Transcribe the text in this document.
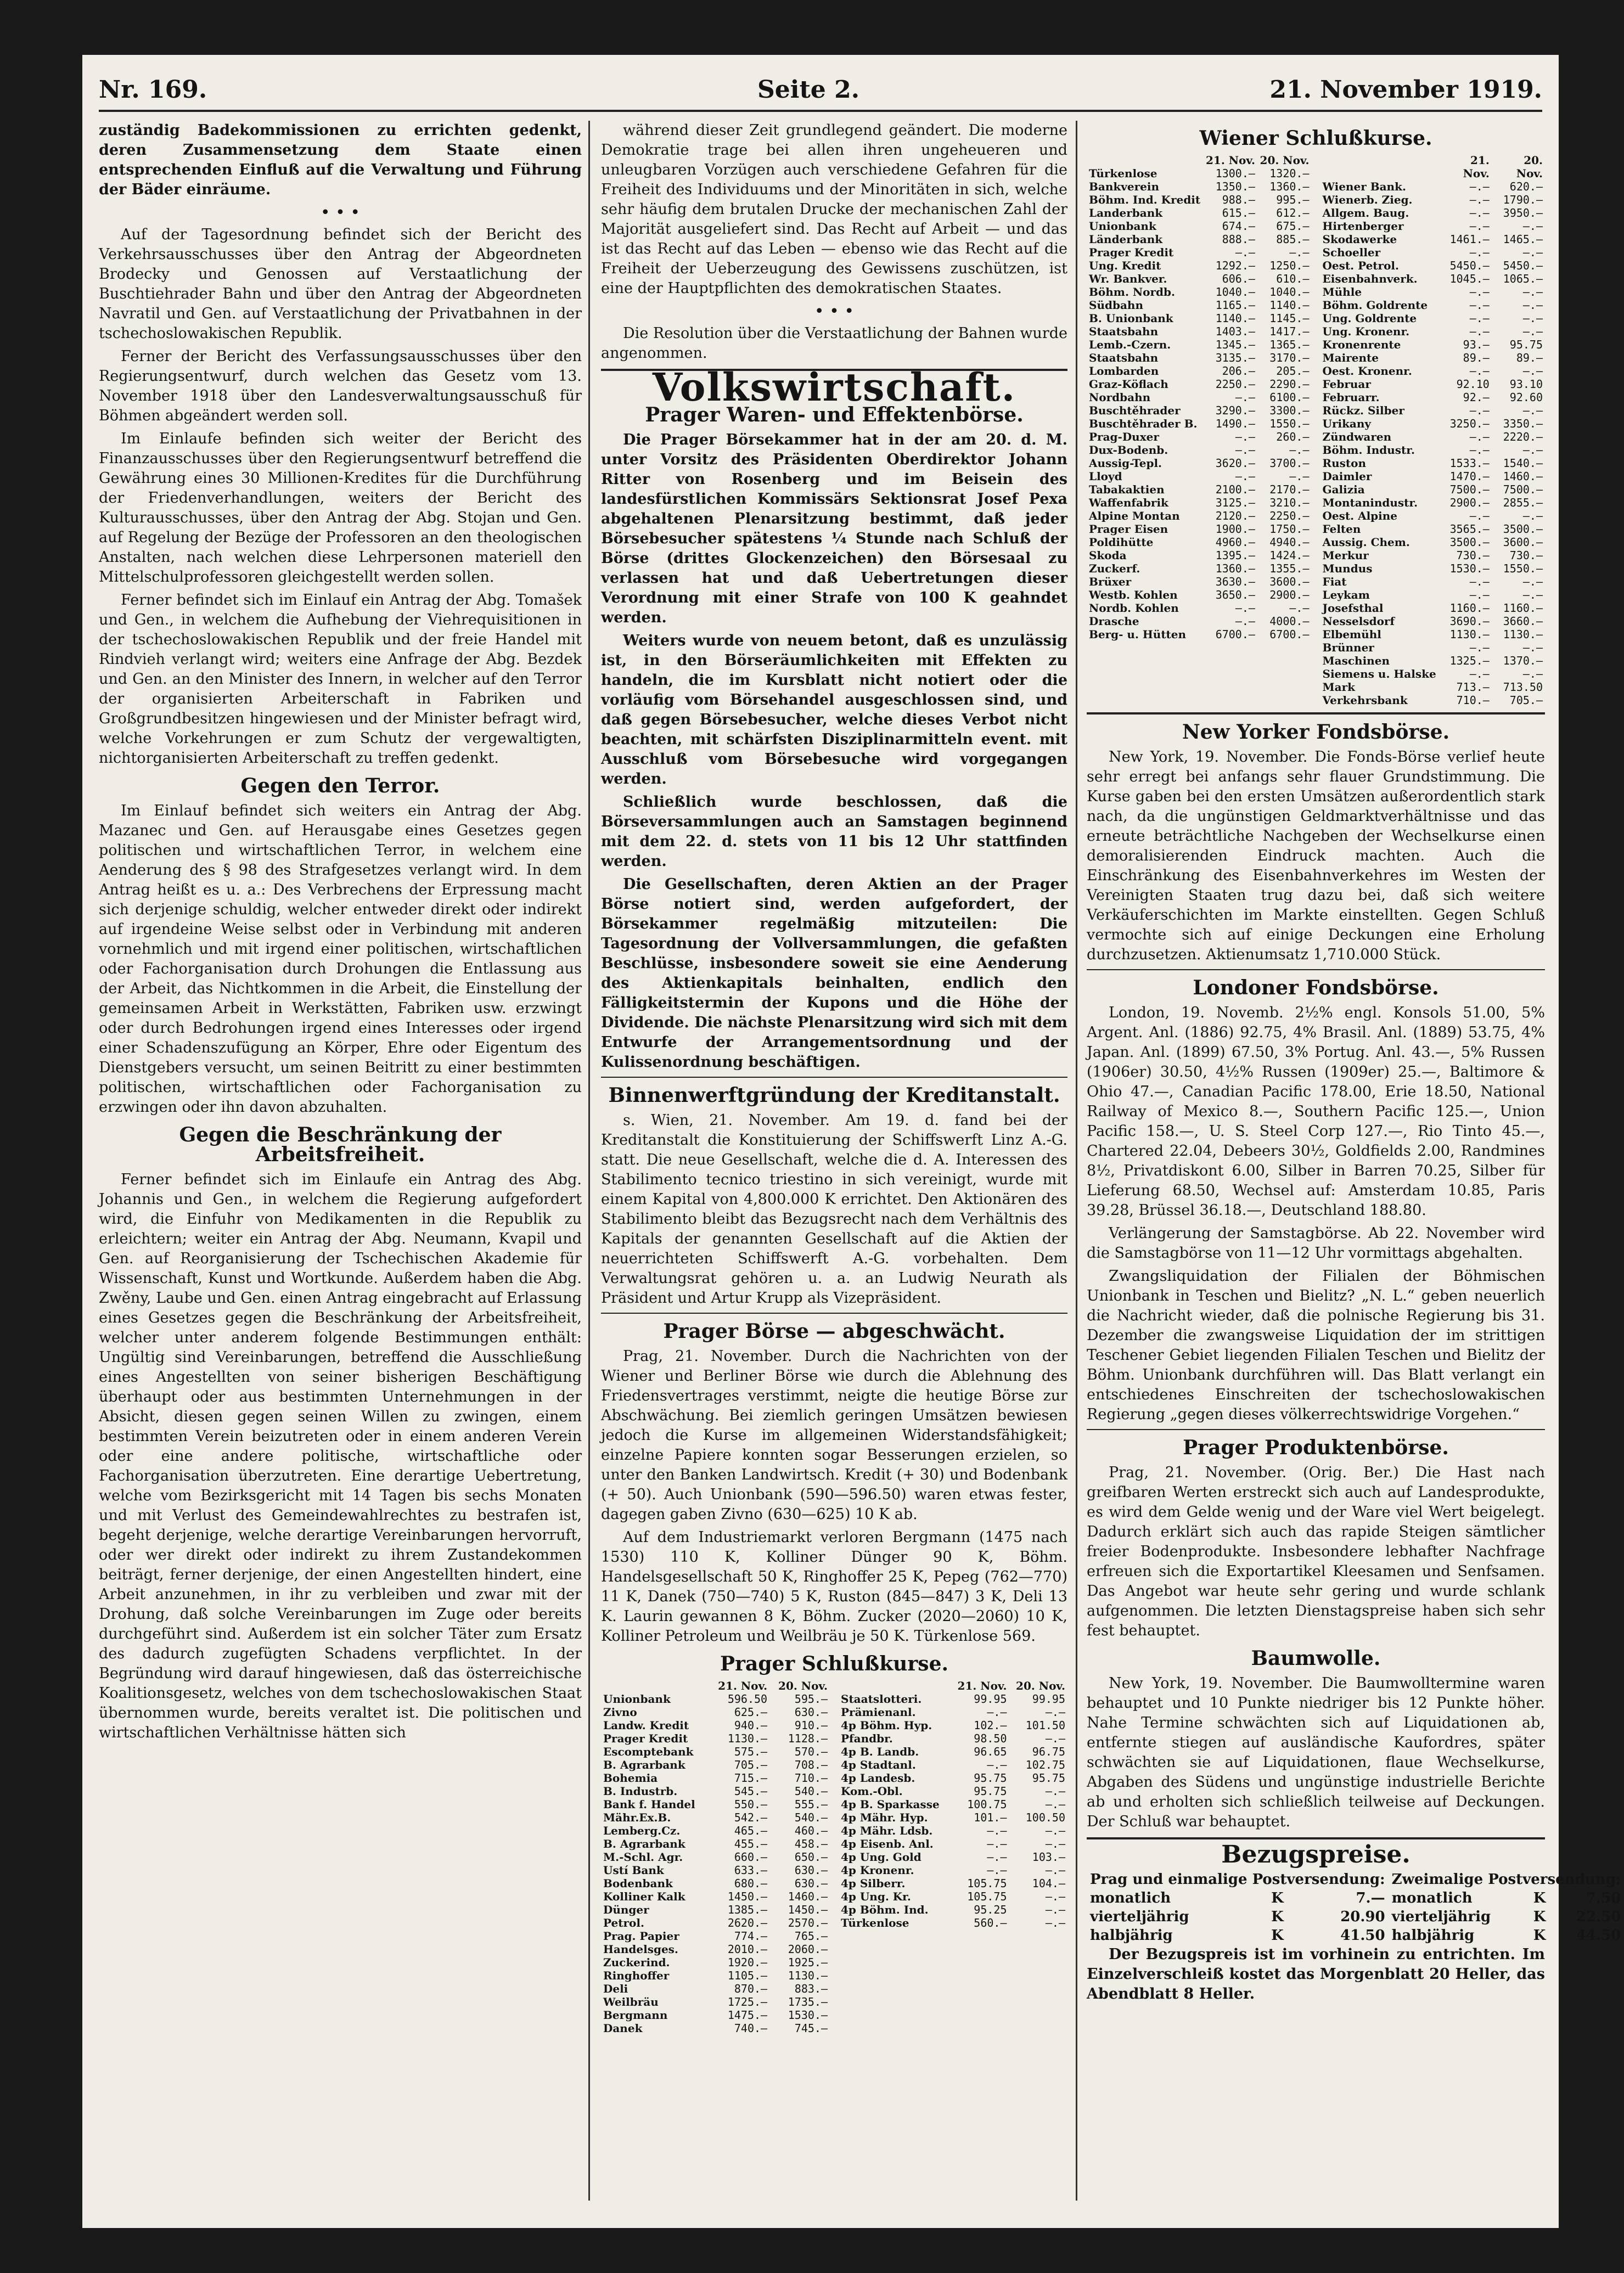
Nr. 169.	Seite 2.	21. November 1919.

zuständig Badekommissionen zu errichten gedenkt, deren Zusammensetzung dem Staate einen entsprechenden Einfluß auf die Verwaltung und Führung der Bäder einräume.

• • •

Auf der Tagesordnung befindet sich der Bericht des Verkehrsausschusses über den Antrag der Abgeordneten Brodecky und Genossen auf Verstaatlichung der Buschtiehrader Bahn und über den Antrag der Abgeordneten Navratil und Gen. auf Verstaatlichung der Privatbahnen in der tschechoslowakischen Republik.

Ferner der Bericht des Verfassungsausschusses über den Regierungsentwurf, durch welchen das Gesetz vom 13. November 1918 über den Landesverwaltungsausschuß für Böhmen abgeändert werden soll.

Im Einlaufe befinden sich weiter der Bericht des Finanzausschusses über den Regierungsentwurf betreffend die Gewährung eines 30 Millionen-Kredites für die Durchführung der Friedenverhandlungen, weiters der Bericht des Kulturausschusses, über den Antrag der Abg. Stojan und Gen. auf Regelung der Bezüge der Professoren an den theologischen Anstalten, nach welchen diese Lehrpersonen materiell den Mittelschulprofessoren gleichgestellt werden sollen.

Ferner befindet sich im Einlauf ein Antrag der Abg. Tomašek und Gen., in welchem die Aufhebung der Viehrequisitionen in der tschechoslowakischen Republik und der freie Handel mit Rindvieh verlangt wird; weiters eine Anfrage der Abg. Bezdek und Gen. an den Minister des Innern, in welcher auf den Terror der organisierten Arbeiterschaft in Fabriken und Großgrundbesitzen hingewiesen und der Minister befragt wird, welche Vorkehrungen er zum Schutz der vergewaltigten, nichtorganisierten Arbeiterschaft zu treffen gedenkt.

Gegen den Terror.

Im Einlauf befindet sich weiters ein Antrag der Abg. Mazanec und Gen. auf Herausgabe eines Gesetzes gegen politischen und wirtschaftlichen Terror, in welchem eine Aenderung des § 98 des Strafgesetzes verlangt wird. In dem Antrag heißt es u. a.: Des Verbrechens der Erpressung macht sich derjenige schuldig, welcher entweder direkt oder indirekt auf irgendeine Weise selbst oder in Verbindung mit anderen vornehmlich und mit irgend einer politischen, wirtschaftlichen oder Fachorganisation durch Drohungen die Entlassung aus der Arbeit, das Nichtkommen in die Arbeit, die Einstellung der gemeinsamen Arbeit in Werkstätten, Fabriken usw. erzwingt oder durch Bedrohungen irgend eines Interesses oder irgend einer Schadenszufügung an Körper, Ehre oder Eigentum des Dienstgebers versucht, um seinen Beitritt zu einer bestimmten politischen, wirtschaftlichen oder Fachorganisation zu erzwingen oder ihn davon abzuhalten.

Gegen die Beschränkung der Arbeitsfreiheit.

Ferner befindet sich im Einlaufe ein Antrag des Abg. Johannis und Gen., in welchem die Regierung aufgefordert wird, die Einfuhr von Medikamenten in die Republik zu erleichtern; weiter ein Antrag der Abg. Neumann, Kvapil und Gen. auf Reorganisierung der Tschechischen Akademie für Wissenschaft, Kunst und Wortkunde. Außerdem haben die Abg. Zwěny, Laube und Gen. einen Antrag eingebracht auf Erlassung eines Gesetzes gegen die Beschränkung der Arbeitsfreiheit, welcher unter anderem folgende Bestimmungen enthält: Ungültig sind Vereinbarungen, betreffend die Ausschließung eines Angestellten von seiner bisherigen Beschäftigung überhaupt oder aus bestimmten Unternehmungen in der Absicht, diesen gegen seinen Willen zu zwingen, einem bestimmten Verein beizutreten oder in einem anderen Verein oder eine andere politische, wirtschaftliche oder Fachorganisation überzutreten. Eine derartige Uebertretung, welche vom Bezirksgericht mit 14 Tagen bis sechs Monaten und mit Verlust des Gemeindewahlrechtes zu bestrafen ist, begeht derjenige, welche derartige Vereinbarungen hervorruft, oder wer direkt oder indirekt zu ihrem Zustandekommen beiträgt, ferner derjenige, der einen Angestellten hindert, eine Arbeit anzunehmen, in ihr zu verbleiben und zwar mit der Drohung, daß solche Vereinbarungen im Zuge oder bereits durchgeführt sind. Außerdem ist ein solcher Täter zum Ersatz des dadurch zugefügten Schadens verpflichtet. In der Begründung wird darauf hingewiesen, daß das österreichische Koalitionsgesetz, welches von dem tschechoslowakischen Staat übernommen wurde, bereits veraltet ist. Die politischen und wirtschaftlichen Verhältnisse hätten sich

während dieser Zeit grundlegend geändert. Die moderne Demokratie trage bei allen ihren ungeheueren und unleugbaren Vorzügen auch verschiedene Gefahren für die Freiheit des Individuums und der Minoritäten in sich, welche sehr häufig dem brutalen Drucke der mechanischen Zahl der Majorität ausgeliefert sind. Das Recht auf Arbeit — und das ist das Recht auf das Leben — ebenso wie das Recht auf die Freiheit der Ueberzeugung des Gewissens zuschützen, ist eine der Hauptpflichten des demokratischen Staates.

• • •

Die Resolution über die Verstaatlichung der Bahnen wurde angenommen.

Volkswirtschaft.
Prager Waren- und Effektenbörse.

Die Prager Börsekammer hat in der am 20. d. M. unter Vorsitz des Präsidenten Oberdirektor Johann Ritter von Rosenberg und im Beisein des landesfürstlichen Kommissärs Sektionsrat Josef Pexa abgehaltenen Plenarsitzung bestimmt, daß jeder Börsebesucher spätestens ¼ Stunde nach Schluß der Börse (drittes Glockenzeichen) den Börsesaal zu verlassen hat und daß Uebertretungen dieser Verordnung mit einer Strafe von 100 K geahndet werden.

Weiters wurde von neuem betont, daß es unzulässig ist, in den Börseräumlichkeiten mit Effekten zu handeln, die im Kursblatt nicht notiert oder die vorläufig vom Börsehandel ausgeschlossen sind, und daß gegen Börsebesucher, welche dieses Verbot nicht beachten, mit schärfsten Disziplinarmitteln event. mit Ausschluß vom Börsebesuche wird vorgegangen werden.

Schließlich wurde beschlossen, daß die Börseversammlungen auch an Samstagen beginnend mit dem 22. d. stets von 11 bis 12 Uhr stattfinden werden.

Die Gesellschaften, deren Aktien an der Prager Börse notiert sind, werden aufgefordert, der Börsekammer regelmäßig mitzuteilen: Die Tagesordnung der Vollversammlungen, die gefaßten Beschlüsse, insbesondere soweit sie eine Aenderung des Aktienkapitals beinhalten, endlich den Fälligkeitstermin der Kupons und die Höhe der Dividende. Die nächste Plenarsitzung wird sich mit dem Entwurfe der Arrangementsordnung und der Kulissenordnung beschäftigen.

Binnenwerftgründung der Kreditanstalt.

s. Wien, 21. November. Am 19. d. fand bei der Kreditanstalt die Konstituierung der Schiffswerft Linz A.-G. statt. Die neue Gesellschaft, welche die d. A. Interessen des Stabilimento tecnico triestino in sich vereinigt, wurde mit einem Kapital von 4,800.000 K errichtet. Den Aktionären des Stabilimento bleibt das Bezugsrecht nach dem Verhältnis des Kapitals der genannten Gesellschaft auf die Aktien der neuerrichteten Schiffswerft A.-G. vorbehalten. Dem Verwaltungsrat gehören u. a. an Ludwig Neurath als Präsident und Artur Krupp als Vizepräsident.

Prager Börse — abgeschwächt.

Prag, 21. November. Durch die Nachrichten von der Wiener und Berliner Börse wie durch die Ablehnung des Friedensvertrages verstimmt, neigte die heutige Börse zur Abschwächung. Bei ziemlich geringen Umsätzen bewiesen jedoch die Kurse im allgemeinen Widerstandsfähigkeit; einzelne Papiere konnten sogar Besserungen erzielen, so unter den Banken Landwirtsch. Kredit (+ 30) und Bodenbank (+ 50). Auch Unionbank (590—596.50) waren etwas fester, dagegen gaben Zivno (630—625) 10 K ab.

Auf dem Industriemarkt verloren Bergmann (1475 nach 1530) 110 K, Kolliner Dünger 90 K, Böhm. Handelsgesellschaft 50 K, Ringhoffer 25 K, Pepeg (762—770) 11 K, Danek (750—740) 5 K, Ruston (845—847) 3 K, Deli 13 K. Laurin gewannen 8 K, Böhm. Zucker (2020—2060) 10 K, Kolliner Petroleum und Weilbräu je 50 K. Türkenlose 569.

Prager Schlußkurse.
	21. Nov.	20. Nov.
Unionbank	596.50	595.—
Zivno	625.—	630.—
Landw. Kredit	940.—	910.—
Prager Kredit	1130.—	1128.—
Escomptebank	575.—	570.—
B. Agrarbank	705.—	708.—
Bohemia	715.—	710.—
B. Industrb.	545.—	540.—
Bank f. Handel	550.—	555.—
Mähr.Ex.B.	542.—	540.—
Lemberg.Cz.	465.—	460.—
B. Agrarbank	455.—	458.—
M.-Schl. Agr.	660.—	650.—
Ustí Bank	633.—	630.—
Bodenbank	680.—	630.—
Kolliner Kalk	1450.—	1460.—
Dünger	1385.—	1450.—
Petrol.	2620.—	2570.—
Prag. Papier	774.—	765.—
Handelsges.	2010.—	2060.—
Zuckerind.	1920.—	1925.—
Ringhoffer	1105.—	1130.—
Deli	870.—	883.—
Weilbräu	1725.—	1735.—
Bergmann	1475.—	1530.—
Danek	740.—	745.—
	21. Nov.	20. Nov.
Staatslotteri.	99.95	99.95
Prämienanl.	—.—	—.—
4p Böhm. Hyp.	102.—	101.50
Pfandbr.	98.50	—.—
4p B. Landb.	96.65	96.75
4p Stadtanl.	—.—	102.75
4p Landesb.	95.75	95.75
Kom.-Obl.	95.75	—.—
4p B. Sparkasse	100.75	—.—
4p Mähr. Hyp.	101.—	100.50
4p Mähr. Ldsb.	—.—	—.—
4p Eisenb. Anl.	—.—	—.—
4p Ung. Gold	—.—	103.—
4p Kronenr.	—.—	—.—
4p Silberr.	105.75	104.—
4p Ung. Kr.	105.75	—.—
4p Böhm. Ind.	95.25	—.—
Türkenlose	560.—	—.—
Wiener Schlußkurse.
	21. Nov.	20. Nov.
Türkenlose	1300.—	1320.—
Bankverein	1350.—	1360.—
Böhm. Ind. Kredit	988.—	995.—
Landerbank	615.—	612.—
Unionbank	674.—	675.—
Länderbank	888.—	885.—
Prager Kredit	—.—	—.—
Ung. Kredit	1292.—	1250.—
Wr. Bankver.	606.—	610.—
Böhm. Nordb.	1040.—	1040.—
Südbahn	1165.—	1140.—
B. Unionbank	1140.—	1145.—
Staatsbahn	1403.—	1417.—
Lemb.-Czern.	1345.—	1365.—
Staatsbahn	3135.—	3170.—
Lombarden	206.—	205.—
Graz-Köflach	2250.—	2290.—
Nordbahn	—.—	6100.—
Buschtěhrader	3290.—	3300.—
Buschtěhrader B.	1490.—	1550.—
Prag-Duxer	—.—	260.—
Dux-Bodenb.	—.—	—.—
Aussig-Tepl.	3620.—	3700.—
Lloyd	—.—	—.—
Tabakaktien	2100.—	2170.—
Waffenfabrik	3125.—	3210.—
Alpine Montan	2120.—	2250.—
Prager Eisen	1900.—	1750.—
Poldihütte	4960.—	4940.—
Skoda	1395.—	1424.—
Zuckerf.	1360.—	1355.—
Brüxer	3630.—	3600.—
Westb. Kohlen	3650.—	2900.—
Nordb. Kohlen	—.—	—.—
Drasche	—.—	4000.—
Berg- u. Hütten	6700.—	6700.—
	21. Nov.	20. Nov.
Wiener Bank.	—.—	620.—
Wienerb. Zieg.	—.—	1790.—
Allgem. Baug.	—.—	3950.—
Hirtenberger	—.—	—.—
Skodawerke	1461.—	1465.—
Schoeller	—.—	—.—
Oest. Petrol.	5450.—	5450.—
Eisenbahnverk.	1045.—	1065.—
Mühle	—.—	—.—
Böhm. Goldrente	—.—	—.—
Ung. Goldrente	—.—	—.—
Ung. Kronenr.	—.—	—.—
Kronenrente	93.—	95.75
Mairente	89.—	89.—
Oest. Kronenr.	—.—	—.—
Februar	92.10	93.10
Februarr.	92.—	92.60
Rückz. Silber	—.—	—.—
Urikany	3250.—	3350.—
Zündwaren	—.—	2220.—
Böhm. Industr.	—.—	—.—
Ruston	1533.—	1540.—
Daimler	1470.—	1460.—
Galizia	7500.—	7500.—
Montanindustr.	2900.—	2855.—
Oest. Alpine	—.—	—.—
Felten	3565.—	3500.—
Aussig. Chem.	3500.—	3600.—
Merkur	730.—	730.—
Mundus	1530.—	1550.—
Fiat	—.—	—.—
Leykam	—.—	—.—
Josefsthal	1160.—	1160.—
Nesselsdorf	3690.—	3660.—
Elbemühl	1130.—	1130.—
Brünner	—.—	—.—
Maschinen	1325.—	1370.—
Siemens u. Halske	—.—	—.—
Mark	713.—	713.50
Verkehrsbank	710.—	705.—
New Yorker Fondsbörse.

New York, 19. November. Die Fonds-Börse verlief heute sehr erregt bei anfangs sehr flauer Grundstimmung. Die Kurse gaben bei den ersten Umsätzen außerordentlich stark nach, da die ungünstigen Geldmarktverhältnisse und das erneute beträchtliche Nachgeben der Wechselkurse einen demoralisierenden Eindruck machten. Auch die Einschränkung des Eisenbahnverkehres im Westen der Vereinigten Staaten trug dazu bei, daß sich weitere Verkäuferschichten im Markte einstellten. Gegen Schluß vermochte sich auf einige Deckungen eine Erholung durchzusetzen. Aktienumsatz 1,710.000 Stück.

Londoner Fondsbörse.

London, 19. Novemb. 2½% engl. Konsols 51.00, 5% Argent. Anl. (1886) 92.75, 4% Brasil. Anl. (1889) 53.75, 4% Japan. Anl. (1899) 67.50, 3% Portug. Anl. 43.—, 5% Russen (1906er) 30.50, 4½% Russen (1909er) 25.—, Baltimore & Ohio 47.—, Canadian Pacific 178.00, Erie 18.50, National Railway of Mexico 8.—, Southern Pacific 125.—, Union Pacific 158.—, U. S. Steel Corp 127.—, Rio Tinto 45.—, Chartered 22.04, Debeers 30½, Goldfields 2.00, Randmines 8½, Privatdiskont 6.00, Silber in Barren 70.25, Silber für Lieferung 68.50, Wechsel auf: Amsterdam 10.85, Paris 39.28, Brüssel 36.18.—, Deutschland 188.80.

Verlängerung der Samstagbörse. Ab 22. November wird die Samstagbörse von 11—12 Uhr vormittags abgehalten.

Zwangsliquidation der Filialen der Böhmischen Unionbank in Teschen und Bielitz? „N. L.“ geben neuerlich die Nachricht wieder, daß die polnische Regierung bis 31. Dezember die zwangsweise Liquidation der im strittigen Teschener Gebiet liegenden Filialen Teschen und Bielitz der Böhm. Unionbank durchführen will. Das Blatt verlangt ein entschiedenes Einschreiten der tschechoslowakischen Regierung „gegen dieses völkerrechtswidrige Vorgehen.“

Prager Produktenbörse.

Prag, 21. November. (Orig. Ber.) Die Hast nach greifbaren Werten erstreckt sich auch auf Landesprodukte, es wird dem Gelde wenig und der Ware viel Wert beigelegt. Dadurch erklärt sich auch das rapide Steigen sämtlicher freier Bodenprodukte. Insbesondere lebhafter Nachfrage erfreuen sich die Exportartikel Kleesamen und Senfsamen. Das Angebot war heute sehr gering und wurde schlank aufgenommen. Die letzten Dienstagspreise haben sich sehr fest behauptet.

Baumwolle.

New York, 19. November. Die Baumwolltermine waren behauptet und 10 Punkte niedriger bis 12 Punkte höher. Nahe Termine schwächten sich auf Liquidationen ab, entfernte stiegen auf ausländische Kaufordres, später schwächten sie auf Liquidationen, flaue Wechselkurse, Abgaben des Südens und ungünstige industrielle Berichte ab und erholten sich schließlich teilweise auf Deckungen. Der Schluß war behauptet.

Bezugspreise.
Prag und einmalige Postversendung:			Zweimalige Postversendung:		
monatlich	K	7.—	monatlich	K	7.50
vierteljährig	K	20.90	vierteljährig	K	22.50
halbjährig	K	41.50	halbjährig	K	44.50

Der Bezugspreis ist im vorhinein zu entrichten. Im Einzelverschleiß kostet das Morgenblatt 20 Heller, das Abendblatt 8 Heller.
